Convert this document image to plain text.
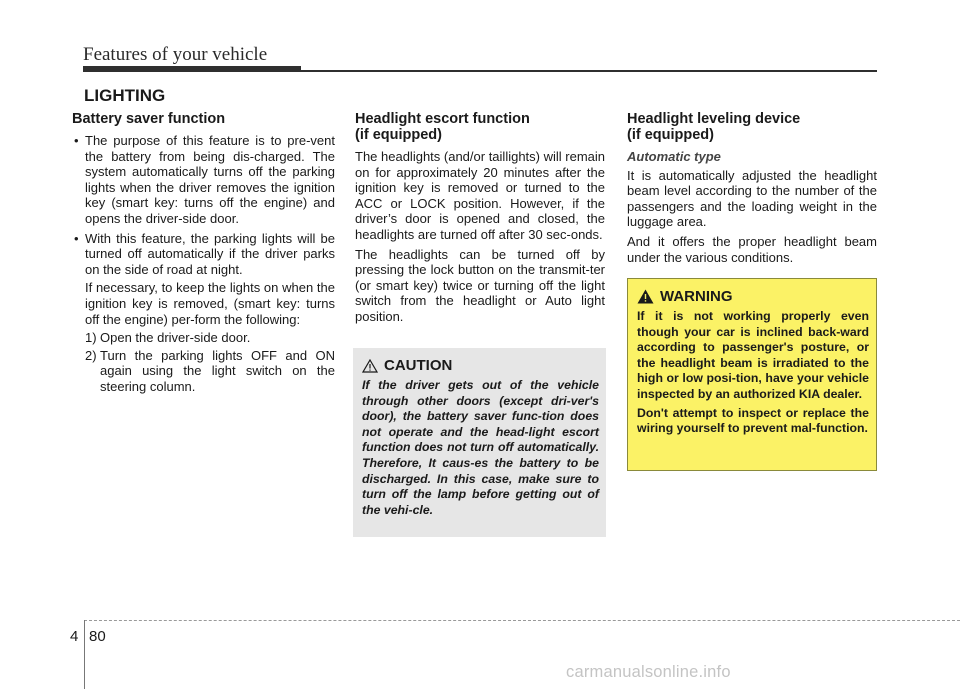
Features of your vehicle
LIGHTING
Battery saver function
• The purpose of this feature is to pre-vent the battery from being dis-charged. The system automatically turns off the parking lights when the driver removes the ignition key (smart key: turns off the engine) and opens the driver-side door.
• With this feature, the parking lights will be turned off automatically if the driver parks on the side of road at night.

If necessary, to keep the lights on when the ignition key is removed, (smart key: turns off the engine) per-form the following:

1) Open the driver-side door.
2) Turn the parking lights OFF and ON again using the light switch on the steering column.
Headlight escort function
(if equipped)

The headlights (and/or taillights) will remain on for approximately 20 minutes after the ignition key is removed or turned to the ACC or LOCK position. However, if the driver’s door is opened and closed, the headlights are turned off after 30 sec-onds.

The headlights can be turned off by pressing the lock button on the transmit-ter (or smart key) twice or turning off the light switch from the headlight or Auto light position.

CAUTION

If the driver gets out of the vehicle through other doors (except dri-ver's door), the battery saver func-tion does not operate and the head-light escort function does not turn off automatically. Therefore, It caus-es the battery to be discharged. In this case, make sure to turn off the lamp before getting out of the vehi-cle.

Headlight leveling device
(if equipped)

Automatic type

It is automatically adjusted the headlight beam level according to the number of the passengers and the loading weight in the luggage area.

And it offers the proper headlight beam under the various conditions.

WARNING

If it is not working properly even though your car is inclined back-ward according to passenger's posture, or the headlight beam is irradiated to the high or low posi-tion, have your vehicle inspected by an authorized KIA dealer.

Don't attempt to inspect or replace the wiring yourself to prevent mal-function.

4 80
carmanualsonline.info
